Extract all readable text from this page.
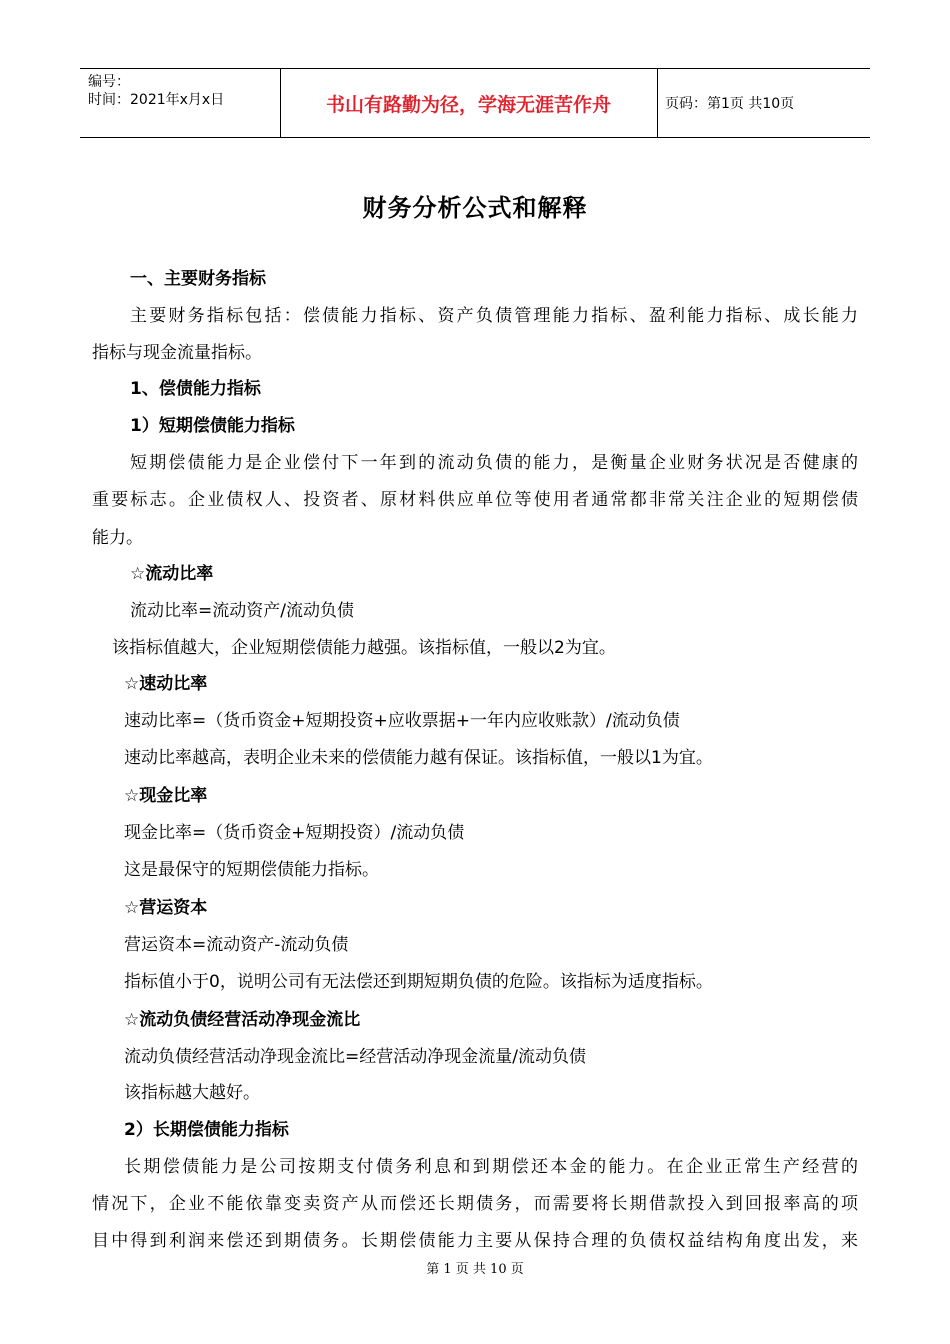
编号：
时间：2021年x月x日	书山有路勤为径，学海无涯苦作舟	页码：第1页 共10页
财务分析公式和解释
一、主要财务指标
主要财务指标包括：偿债能力指标、资产负债管理能力指标、盈利能力指标、成长能力
指标与现金流量指标。
1、偿债能力指标
1）短期偿债能力指标
短期偿债能力是企业偿付下一年到的流动负债的能力，是衡量企业财务状况是否健康的
重要标志。企业债权人、投资者、原材料供应单位等使用者通常都非常关注企业的短期偿债
能力。
☆流动比率
流动比率=流动资产/流动负债
该指标值越大，企业短期偿债能力越强。该指标值，一般以2为宜。
☆速动比率
速动比率=（货币资金+短期投资+应收票据+一年内应收账款）/流动负债
速动比率越高，表明企业未来的偿债能力越有保证。该指标值，一般以1为宜。
☆现金比率
现金比率=（货币资金+短期投资）/流动负债
这是最保守的短期偿债能力指标。
☆营运资本
营运资本=流动资产-流动负债
指标值小于0，说明公司有无法偿还到期短期负债的危险。该指标为适度指标。
☆流动负债经营活动净现金流比
流动负债经营活动净现金流比=经营活动净现金流量/流动负债
该指标越大越好。
2）长期偿债能力指标
长期偿债能力是公司按期支付债务利息和到期偿还本金的能力。在企业正常生产经营的
情况下，企业不能依靠变卖资产从而偿还长期债务，而需要将长期借款投入到回报率高的项
目中得到利润来偿还到期债务。长期偿债能力主要从保持合理的负债权益结构角度出发，来
第 1 页 共 10 页
